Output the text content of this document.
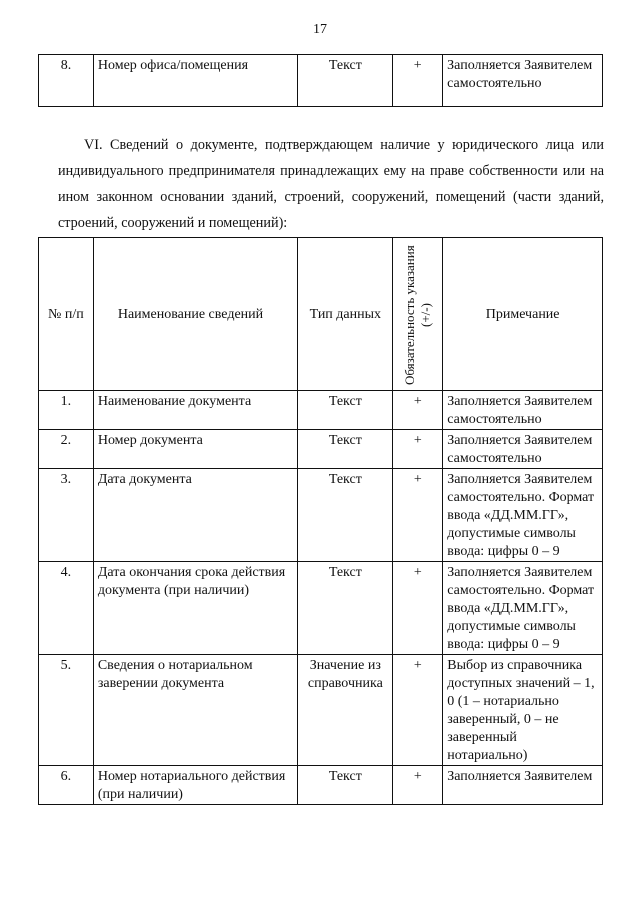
17
8.	Номер офиса/помещения	Текст	+	Заполняется Заявителем самостоятельно
VI. Сведений о документе, подтверждающем наличие у юридического лица или индивидуального предпринимателя принадлежащих ему на праве собственности или на ином законном основании зданий, строений, сооружений, помещений (части зданий, строений, сооружений и помещений):
№ п/п	Наименование сведений	Тип данных	Обязательность указания (+/-)	Примечание
1.	Наименование документа	Текст	+	Заполняется Заявителем самостоятельно
2.	Номер документа	Текст	+	Заполняется Заявителем самостоятельно
3.	Дата документа	Текст	+	Заполняется Заявителем самостоятельно. Формат ввода «ДД.ММ.ГГ», допустимые символы ввода: цифры 0 – 9
4.	Дата окончания срока действия документа (при наличии)	Текст	+	Заполняется Заявителем самостоятельно. Формат ввода «ДД.ММ.ГГ», допустимые символы ввода: цифры 0 – 9
5.	Сведения о нотариальном заверении документа	Значение из справочника	+	Выбор из справочника доступных значений – 1, 0 (1 – нотариально заверенный, 0 – не заверенный нотариально)
6.	Номер нотариального действия (при наличии)	Текст	+	Заполняется Заявителем
